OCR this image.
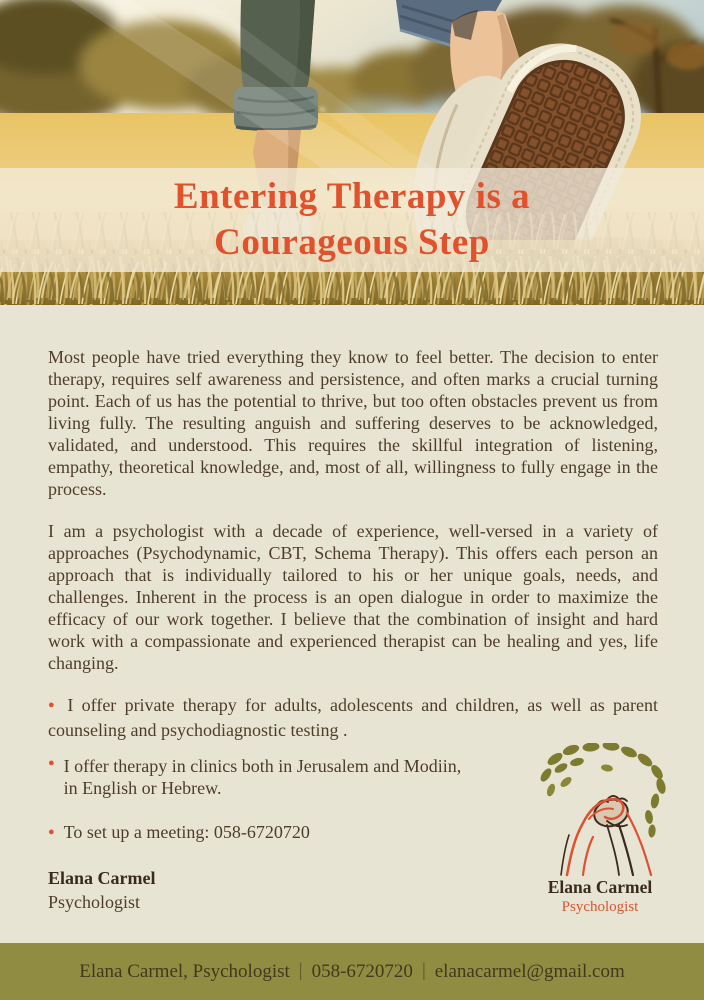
Entering Therapy is a
Courageous Step

Most people have tried everything they know to feel better. The decision to enter therapy, requires self awareness and persistence, and often marks a crucial turning point. Each of us has the potential to thrive, but too often obstacles prevent us from living fully. The resulting anguish and suffering deserves to be acknowledged, validated, and understood. This requires the skillful integration of listening, empathy, theoretical knowledge, and, most of all, willingness to fully engage in the process.

I am a psychologist with a decade of experience, well-versed in a variety of approaches (Psychodynamic, CBT, Schema Therapy). This offers each person an approach that is individually tailored to his or her unique goals, needs, and challenges. Inherent in the process is an open dialogue in order to maximize the efficacy of our work together. I believe that the combination of insight and hard work with a compassionate and experienced therapist can be healing and yes, life changing.

● I offer private therapy for adults, adolescents and children, as well as parent counseling and psychodiagnostic testing .

● I offer therapy in clinics both in Jerusalem and Modiin,
in English or Hebrew.

● To set up a meeting: 058-6720720

Elana Carmel
Psychologist
Elana Carmel
Psychologist
Elana Carmel, Psychologist | 058-6720720 | elanacarmel@gmail.com
